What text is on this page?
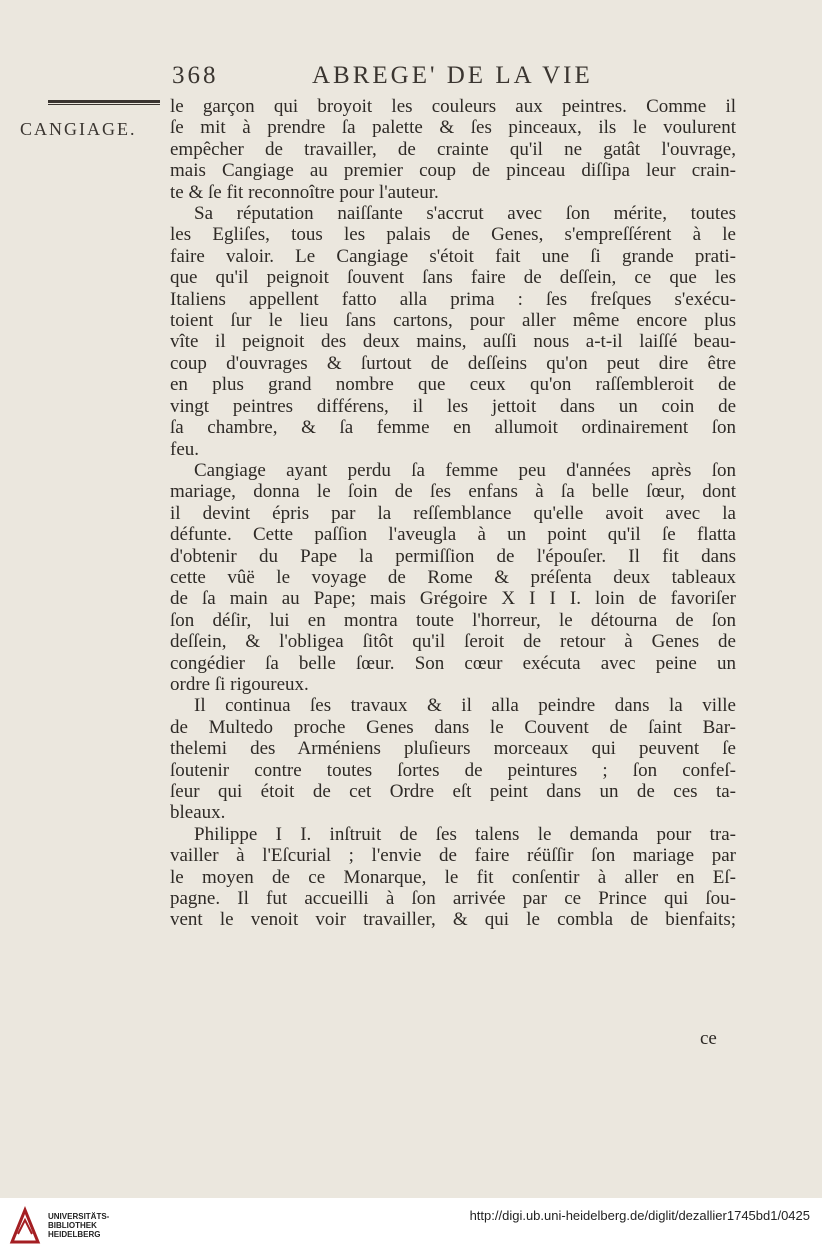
368	ABREGE' DE LA VIE
CANGIAGE.
le garçon qui broyoit les couleurs aux peintres. Comme il
ſe mit à prendre ſa palette & ſes pinceaux, ils le voulurent
empêcher de travailler, de crainte qu'il ne gatât l'ouvrage,
mais Cangiage au premier coup de pinceau diſſipa leur crain-
te & ſe fit reconnoître pour l'auteur.
Sa réputation naiſſante s'accrut avec ſon mérite, toutes
les Egliſes, tous les palais de Genes, s'empreſſérent à le
faire valoir. Le Cangiage s'étoit fait une ſi grande prati-
que qu'il peignoit ſouvent ſans faire de deſſein, ce que les
Italiens appellent fatto alla prima : ſes freſques s'exécu-
toient ſur le lieu ſans cartons, pour aller même encore plus
vîte il peignoit des deux mains, auſſi nous a-t-il laiſſé beau-
coup d'ouvrages & ſurtout de deſſeins qu'on peut dire être
en plus grand nombre que ceux qu'on raſſembleroit de
vingt peintres différens, il les jettoit dans un coin de
ſa chambre, & ſa femme en allumoit ordinairement ſon
feu.
Cangiage ayant perdu ſa femme peu d'années après ſon
mariage, donna le ſoin de ſes enfans à ſa belle ſœur, dont
il devint épris par la reſſemblance qu'elle avoit avec la
défunte. Cette paſſion l'aveugla à un point qu'il ſe flatta
d'obtenir du Pape la permiſſion de l'épouſer. Il fit dans
cette vûë le voyage de Rome & préſenta deux tableaux
de ſa main au Pape; mais Grégoire X I I I. loin de favoriſer
ſon déſir, lui en montra toute l'horreur, le détourna de ſon
deſſein, & l'obligea ſitôt qu'il ſeroit de retour à Genes de
congédier ſa belle ſœur. Son cœur exécuta avec peine un
ordre ſi rigoureux.
Il continua ſes travaux & il alla peindre dans la ville
de Multedo proche Genes dans le Couvent de ſaint Bar-
thelemi des Arméniens pluſieurs morceaux qui peuvent ſe
ſoutenir contre toutes ſortes de peintures ; ſon confeſ-
ſeur qui étoit de cet Ordre eſt peint dans un de ces ta-
bleaux.
Philippe I I. inſtruit de ſes talens le demanda pour tra-
vailler à l'Eſcurial ; l'envie de faire réüſſir ſon mariage par
le moyen de ce Monarque, le fit conſentir à aller en Eſ-
pagne. Il fut accueilli à ſon arrivée par ce Prince qui ſou-
vent le venoit voir travailler, & qui le combla de bienfaits;
ce
UNIVERSITÄTS-
BIBLIOTHEK
HEIDELBERG
http://digi.ub.uni-heidelberg.de/diglit/dezallier1745bd1/0425
